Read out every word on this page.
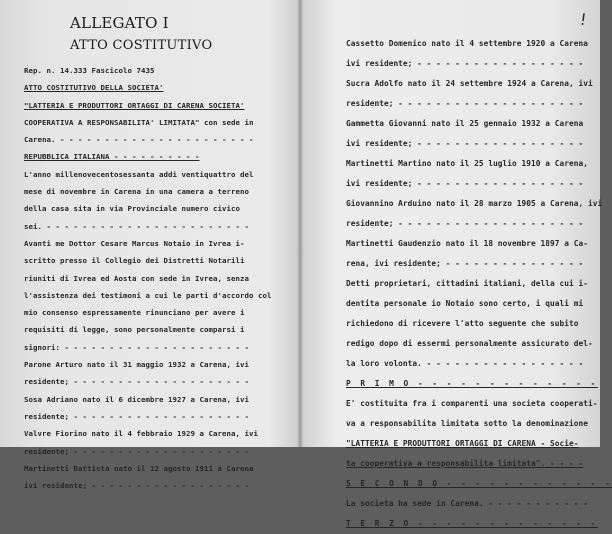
ALLEGATO I
ATTO COSTITUTIVO
Rep. n. 14.333 Fascicolo 7435
ATTO COSTITUTIVO DELLA SOCIETA'
"LATTERIA E PRODUTTORI ORTAGGI DI CARENA SOCIETA'
COOPERATIVA A RESPONSABILITA' LIMITATA" con sede in
Carena. - - - - - - - - - - - - - - - - - - - - - -
REPUBBLICA ITALIANA - - - - - - - - - -
L'anno millenovecentosessanta addi ventiquattro del
mese di novembre in Carena in una camera a terreno
della casa sita in via Provinciale numero civico
sei. - - - - - - - - - - - - - - - - - - - - - - -
Avanti me Dottor Cesare Marcus Notaio in Ivrea i-
scritto presso il Collegio dei Distretti Notarili
riuniti di Ivrea ed Aosta con sede in Ivrea, senza
l'assistenza dei testimoni a cui le parti d'accordo col
mio consenso espressamente rinunciano per avere i
requisiti di legge, sono personalmente comparsi i
signori: - - - - - - - - - - - - - - - - - - - - -
Parone Arturo nato il 31 maggio 1932 a Carena, ivi
residente; - - - - - - - - - - - - - - - - - - - -
Sosa Adriano nato il 6 dicembre 1927 a Carena, ivi
residente; - - - - - - - - - - - - - - - - - - - -
Valvre Fiorino nato il 4 febbraio 1929 a Carena, ivi
residente; - - - - - - - - - - - - - - - - - - - -
Martinetti Battista nato il 12 agosto 1911 a Carena
ivi residente; - - - - - - - - - - - - - - - - - -
!
Cassetto Domenico nato il 4 settembre 1920 a Carena
ivi residente; - - - - - - - - - - - - - - - - - -
Sucra Adolfo nato il 24 settembre 1924 a Carena, ivi
residente; - - - - - - - - - - - - - - - - - - - -
Gammetta Giovanni nato il 25 gennaio 1932 a Carena
ivi residente; - - - - - - - - - - - - - - - - - -
Martinetti Martino nato il 25 luglio 1910 a Carena,
ivi residente; - - - - - - - - - - - - - - - - - -
Giovannino Arduino nato il 28 marzo 1905 a Carena, ivi
residente; - - - - - - - - - - - - - - - - - - - -
Martinetti Gaudenzio nato il 18 novembre 1897 a Ca-
rena, ivi residente; - - - - - - - - - - - - - - -
Detti proprietari, cittadini italiani, della cui i-
dentita personale io Notaio sono certo, i quali mi
richiedono di ricevere l'atto seguente che subito
redigo dopo di essermi personalmente assicurato del-
la loro volonta. - - - - - - - - - - - - - - - - -
P R I M O - - - - - - - - - - - - -
E' costituita fra i comparenti una societa cooperati-
va a responsabilita limitata sotto la denominazione
"LATTERIA E PRODUTTORI ORTAGGI DI CARENA - Socie-
ta cooperativa a responsabilita limitata". - - - -
S E C O N D O - - - - - - - - - - - -
La societa ha sede in Carena. - - - - - - - - - - -
T E R Z O - - - - - - - - - - - - -
